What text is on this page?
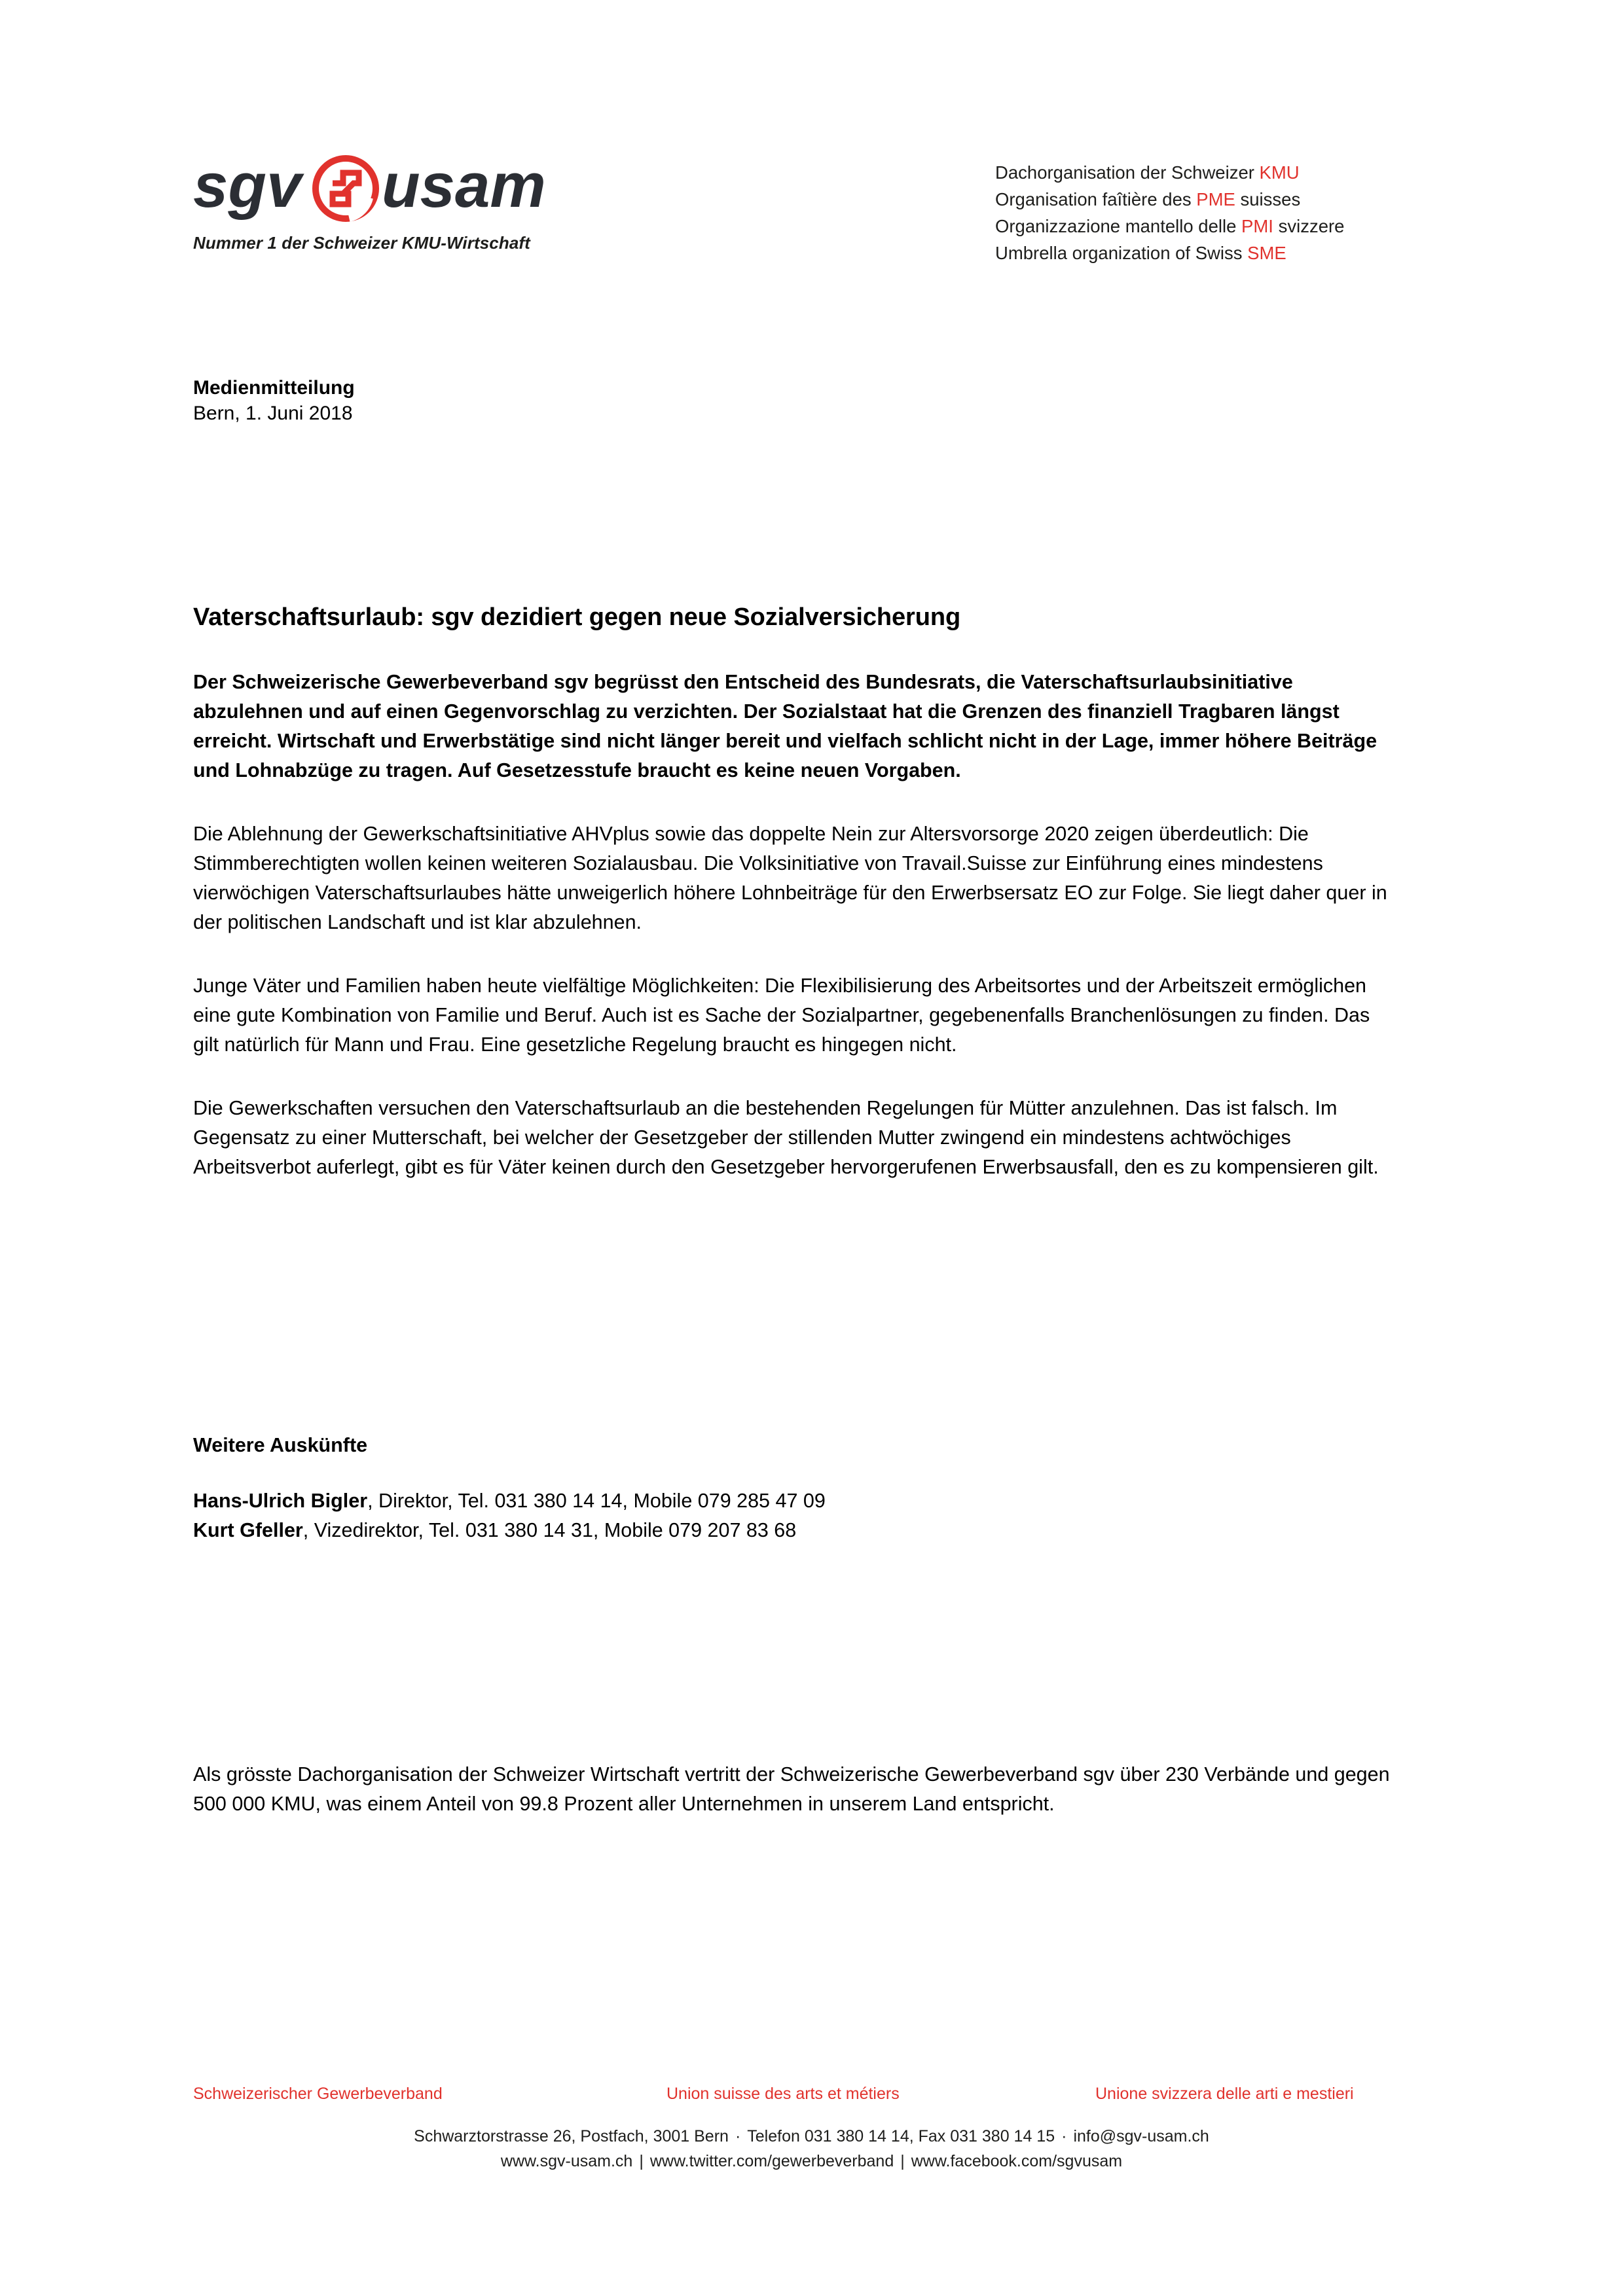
sgv usam
Nummer 1 der Schweizer KMU-Wirtschaft
Dachorganisation der Schweizer KMU
Organisation faîtière des PME suisses
Organizzazione mantello delle PMI svizzere
Umbrella organization of Swiss SME
Medienmitteilung
Bern, 1. Juni 2018
Vaterschaftsurlaub: sgv dezidiert gegen neue Sozialversicherung

Der Schweizerische Gewerbeverband sgv begrüsst den Entscheid des Bundesrats, die Vaterschaftsurlaubsinitiative abzulehnen und auf einen Gegenvorschlag zu verzichten. Der Sozialstaat hat die Grenzen des finanziell Tragbaren längst erreicht. Wirtschaft und Erwerbstätige sind nicht länger bereit und vielfach schlicht nicht in der Lage, immer höhere Beiträge und Lohnabzüge zu tragen. Auf Gesetzesstufe braucht es keine neuen Vorgaben.

Die Ablehnung der Gewerkschaftsinitiative AHVplus sowie das doppelte Nein zur Altersvorsorge 2020 zeigen überdeutlich: Die Stimmberechtigten wollen keinen weiteren Sozialausbau. Die Volksinitiative von Travail.Suisse zur Einführung eines mindestens vierwöchigen Vaterschaftsurlaubes hätte unweigerlich höhere Lohnbeiträge für den Erwerbsersatz EO zur Folge. Sie liegt daher quer in der politischen Landschaft und ist klar abzulehnen.

Junge Väter und Familien haben heute vielfältige Möglichkeiten: Die Flexibilisierung des Arbeitsortes und der Arbeitszeit ermöglichen eine gute Kombination von Familie und Beruf. Auch ist es Sache der Sozialpartner, gegebenenfalls Branchenlösungen zu finden. Das gilt natürlich für Mann und Frau. Eine gesetzliche Regelung braucht es hingegen nicht.

Die Gewerkschaften versuchen den Vaterschaftsurlaub an die bestehenden Regelungen für Mütter anzulehnen. Das ist falsch. Im Gegensatz zu einer Mutterschaft, bei welcher der Gesetzgeber der stillenden Mutter zwingend ein mindestens achtwöchiges Arbeitsverbot auferlegt, gibt es für Väter keinen durch den Gesetzgeber hervorgerufenen Erwerbsausfall, den es zu kompensieren gilt.

Weitere Auskünfte
Hans-Ulrich Bigler, Direktor, Tel. 031 380 14 14, Mobile 079 285 47 09
Kurt Gfeller, Vizedirektor, Tel. 031 380 14 31, Mobile 079 207 83 68
Als grösste Dachorganisation der Schweizer Wirtschaft vertritt der Schweizerische Gewerbeverband sgv über 230 Verbände und gegen 500 000 KMU, was einem Anteil von 99.8 Prozent aller Unternehmen in unserem Land entspricht.
Schweizerischer Gewerbeverband	Union suisse des arts et métiers	Unione svizzera delle arti e mestieri
Schwarztorstrasse 26, Postfach, 3001 Bern · Telefon 031 380 14 14, Fax 031 380 14 15 · info@sgv-usam.ch
www.sgv-usam.ch | www.twitter.com/gewerbeverband | www.facebook.com/sgvusam
